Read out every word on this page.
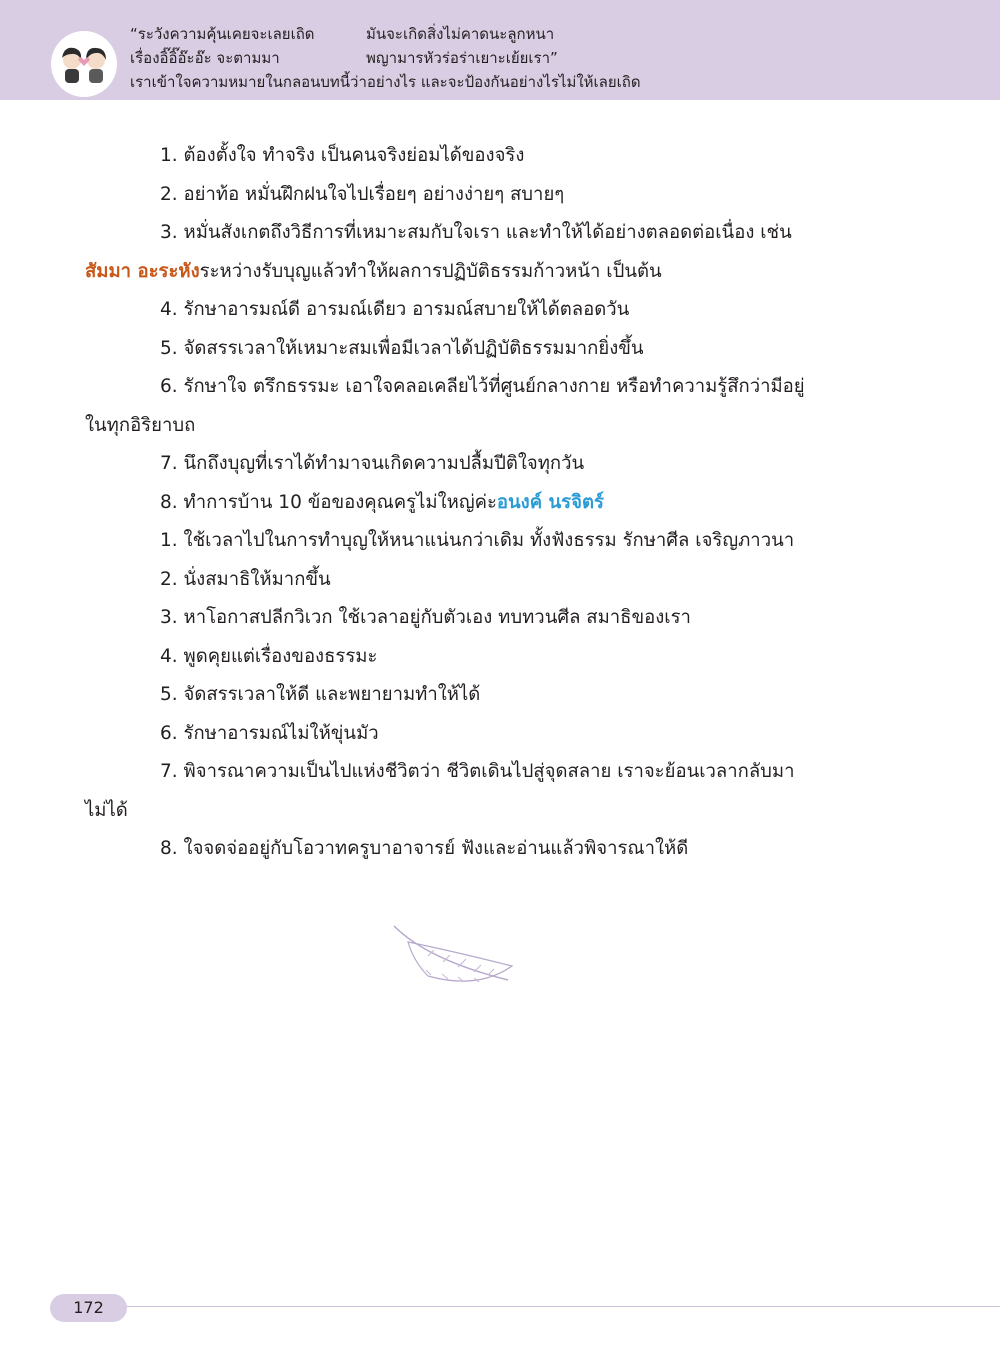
“ระวังความคุ้นเคยจะเลยเถิด	มันจะเกิดสิ่งไม่คาดนะลูกหนา
เรื่องอิ๊อิ๊อ๊ะอ๊ะ จะตามมา	พญามารหัวร่อร่าเยาะเย้ยเรา”
เราเข้าใจความหมายในกลอนบทนี้ว่าอย่างไร และจะป้องกันอย่างไรไม่ให้เลยเถิด

1. ต้องตั้งใจ ทำจริง เป็นคนจริงย่อมได้ของจริง

2. อย่าท้อ หมั่นฝึกฝนใจไปเรื่อยๆ อย่างง่ายๆ สบายๆ

3. หมั่นสังเกตถึงวิธีการที่เหมาะสมกับใจเรา และทำให้ได้อย่างตลอดต่อเนื่อง เช่น

สัมมา อะระหังระหว่างรับบุญแล้วทำให้ผลการปฏิบัติธรรมก้าวหน้า เป็นต้น

4. รักษาอารมณ์ดี อารมณ์เดียว อารมณ์สบายให้ได้ตลอดวัน

5. จัดสรรเวลาให้เหมาะสมเพื่อมีเวลาได้ปฏิบัติธรรมมากยิ่งขึ้น

6. รักษาใจ ตรึกธรรมะ เอาใจคลอเคลียไว้ที่ศูนย์กลางกาย หรือทำความรู้สึกว่ามีอยู่

ในทุกอิริยาบถ

7. นึกถึงบุญที่เราได้ทำมาจนเกิดความปลื้มปีติใจทุกวัน

8. ทำการบ้าน 10 ข้อของคุณครูไม่ใหญ่ค่ะอนงค์ นรจิตร์

1. ใช้เวลาไปในการทำบุญให้หนาแน่นกว่าเดิม ทั้งฟังธรรม รักษาศีล เจริญภาวนา

2. นั่งสมาธิให้มากขึ้น

3. หาโอกาสปลีกวิเวก ใช้เวลาอยู่กับตัวเอง ทบทวนศีล สมาธิของเรา

4. พูดคุยแต่เรื่องของธรรมะ

5. จัดสรรเวลาให้ดี และพยายามทำให้ได้

6. รักษาอารมณ์ไม่ให้ขุ่นมัว

7. พิจารณาความเป็นไปแห่งชีวิตว่า ชีวิตเดินไปสู่จุดสลาย เราจะย้อนเวลากลับมา

ไม่ได้

8. ใจจดจ่ออยู่กับโอวาทครูบาอาจารย์ ฟังและอ่านแล้วพิจารณาให้ดี

172
